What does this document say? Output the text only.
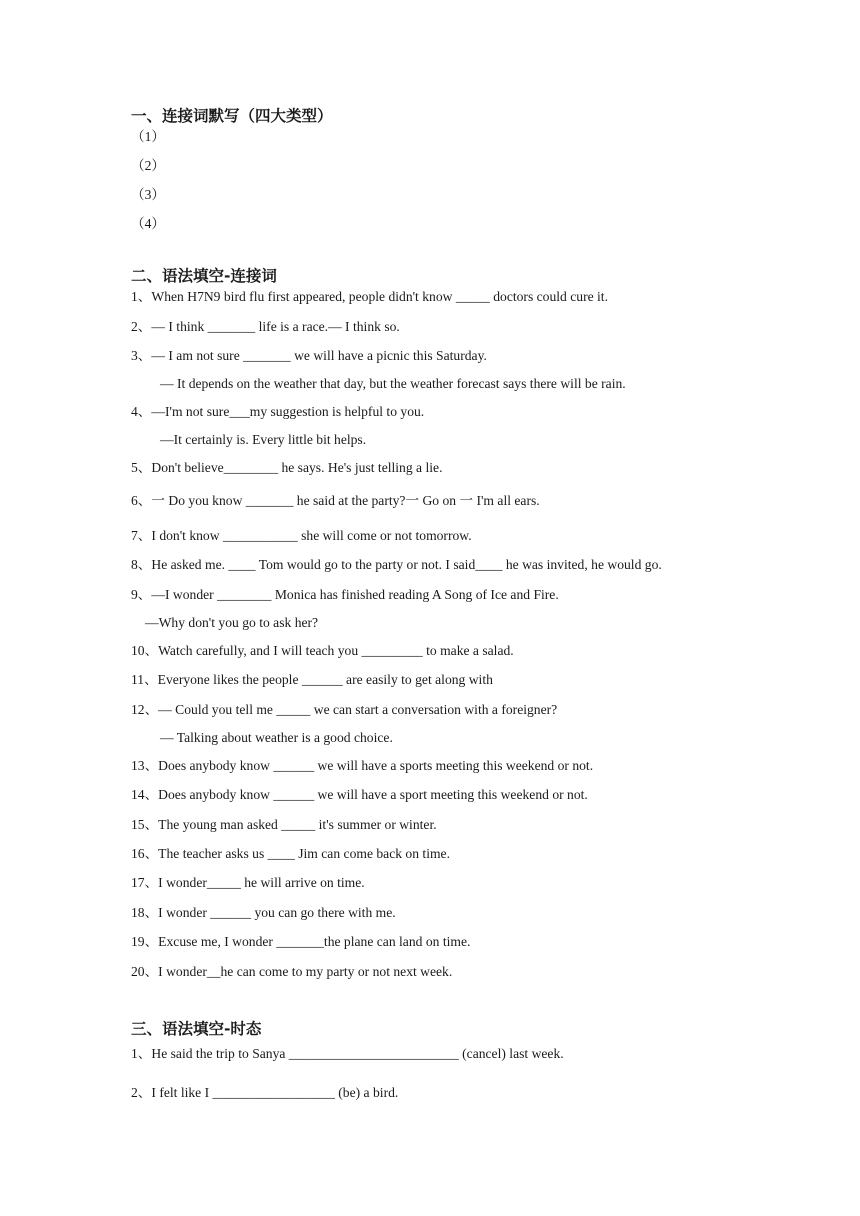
一、连接词默写（四大类型）
（1）
（2）
（3）
（4）
二、语法填空-连接词
1、When H7N9 bird flu first appeared, people didn't know _____ doctors could cure it.
2、— I think _______ life is a race.— I think so.
3、— I am not sure _______ we will have a picnic this Saturday.
— It depends on the weather that day, but the weather forecast says there will be rain.
4、—I'm not sure___my suggestion is helpful to you.
—It certainly is. Every little bit helps.
5、Don't believe________ he says. He's just telling a lie.
6、一 Do you know _______ he said at the party?一 Go on 一 I'm all ears.
7、I don't know ___________ she will come or not tomorrow.
8、He asked me. ____ Tom would go to the party or not. I said____ he was invited, he would go.
9、—I wonder ________ Monica has finished reading A Song of Ice and Fire.
—Why don't you go to ask her?
10、Watch carefully, and I will teach you _________ to make a salad.
11、Everyone likes the people ______ are easily to get along with
12、— Could you tell me _____ we can start a conversation with a foreigner?
— Talking about weather is a good choice.
13、Does anybody know ______ we will have a sports meeting this weekend or not.
14、Does anybody know ______ we will have a sport meeting this weekend or not.
15、The young man asked _____ it's summer or winter.
16、The teacher asks us ____ Jim can come back on time.
17、I wonder_____ he will arrive on time.
18、I wonder ______ you can go there with me.
19、Excuse me, I wonder _______the plane can land on time.
20、I wonder__he can come to my party or not next week.
三、语法填空-时态
1、He said the trip to Sanya _________________________ (cancel) last week.
2、I felt like I __________________ (be) a bird.
